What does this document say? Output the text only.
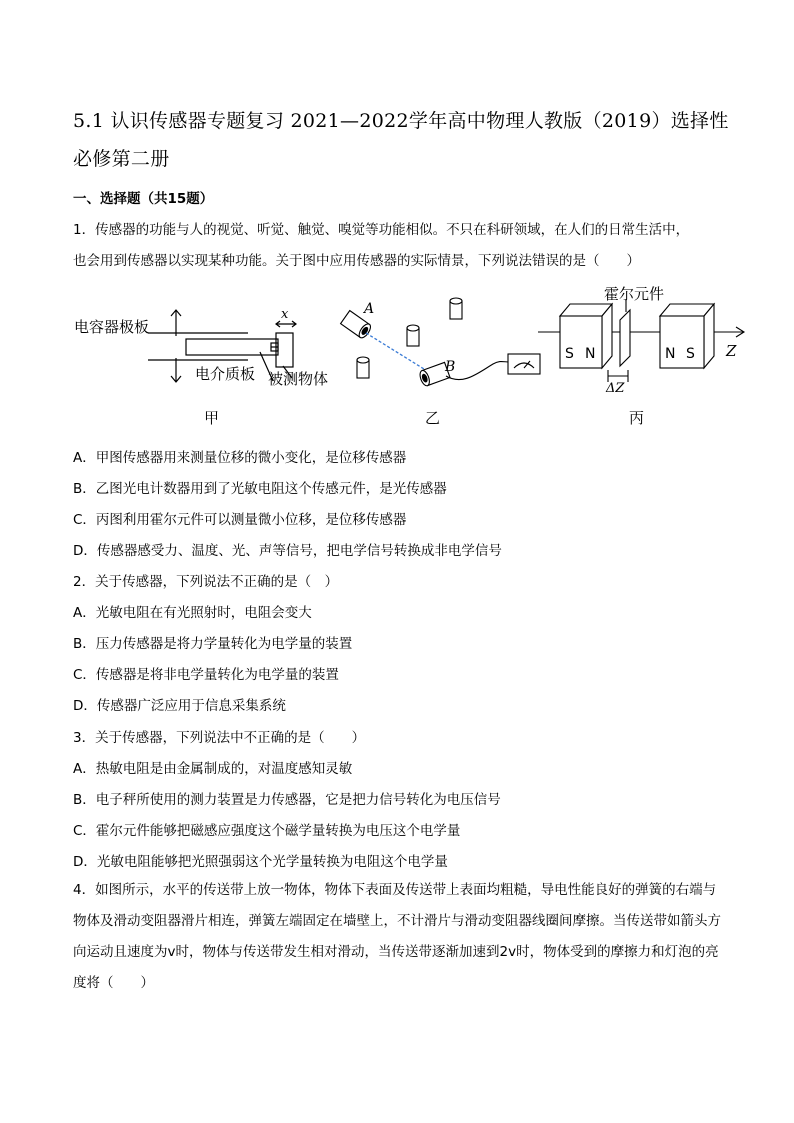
5.1 认识传感器专题复习 2021—2022学年高中物理人教版（2019）选择性必修第二册
一、选择题（共15题）
1．传感器的功能与人的视觉、听觉、触觉、嗅觉等功能相似。不只在科研领域，在人们的日常生活中，
也会用到传感器以实现某种功能。关于图中应用传感器的实际情景，下列说法错误的是（　　）
电容器极板
电介质板 被测物体
x
甲
A
B
乙
霍尔元件
S N	N S Z
ΔZ
丙
A．甲图传感器用来测量位移的微小变化，是位移传感器
B．乙图光电计数器用到了光敏电阻这个传感元件，是光传感器
C．丙图利用霍尔元件可以测量微小位移，是位移传感器
D．传感器感受力、温度、光、声等信号，把电学信号转换成非电学信号
2．关于传感器，下列说法不正确的是（　）
A．光敏电阻在有光照射时，电阻会变大
B．压力传感器是将力学量转化为电学量的装置
C．传感器是将非电学量转化为电学量的装置
D．传感器广泛应用于信息采集系统
3．关于传感器，下列说法中不正确的是（　　）
A．热敏电阻是由金属制成的，对温度感知灵敏
B．电子秤所使用的测力装置是力传感器，它是把力信号转化为电压信号
C．霍尔元件能够把磁感应强度这个磁学量转换为电压这个电学量
D．光敏电阻能够把光照强弱这个光学量转换为电阻这个电学量
4．如图所示，水平的传送带上放一物体，物体下表面及传送带上表面均粗糙，导电性能良好的弹簧的右端与物体及滑动变阻器滑片相连，弹簧左端固定在墙壁上，不计滑片与滑动变阻器线圈间摩擦。当传送带如箭头方向运动且速度为v时，物体与传送带发生相对滑动，当传送带逐渐加速到2v时，物体受到的摩擦力和灯泡的亮度将（　　）
